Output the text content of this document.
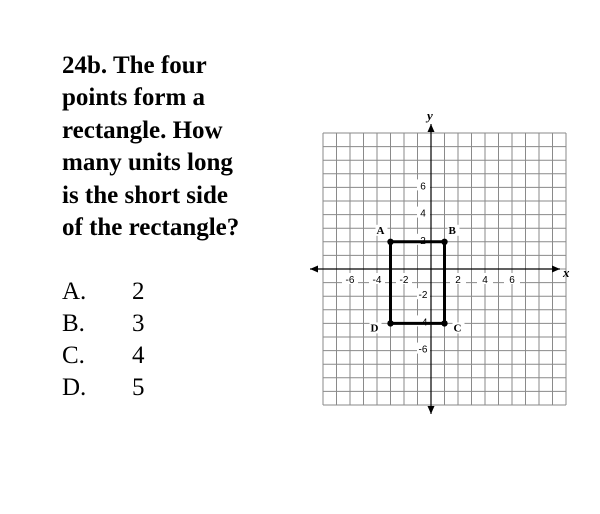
24b. The four
points form a
rectangle. How
many units long
is the short side
of the rectangle?
A.	2
B.	3
C.	4
D.	5
-6 -4 -2	2 4 6
6
4
2
-2
-4
-6
A	B
C
D
x
y
